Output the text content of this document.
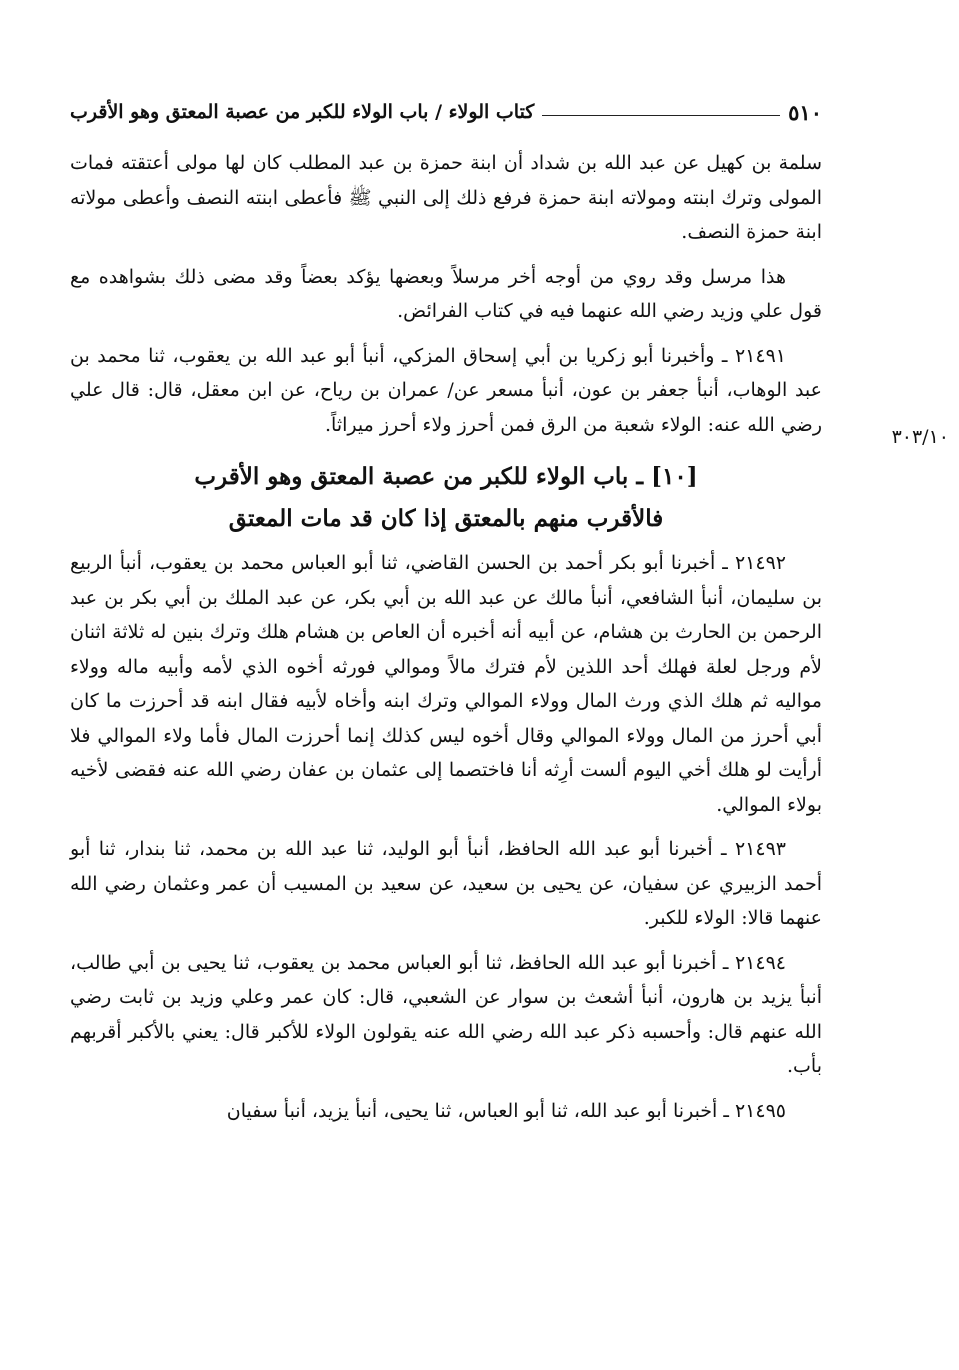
٥١٠
كتاب الولاء / باب الولاء للكبر من عصبة المعتق وهو الأقرب

سلمة بن كهيل عن عبد الله بن شداد أن ابنة حمزة بن عبد المطلب كان لها مولى أعتقته فمات المولى وترك ابنته ومولاته ابنة حمزة فرفع ذلك إلى النبي ﷺ فأعطى ابنته النصف وأعطى مولاته ابنة حمزة النصف.

هذا مرسل وقد روي من أوجه أخر مرسلاً وبعضها يؤكد بعضاً وقد مضى ذلك بشواهده مع قول علي وزيد رضي الله عنهما فيه في كتاب الفرائض.

٢١٤٩١ ـ وأخبرنا أبو زكريا بن أبي إسحاق المزكي، أنبأ أبو عبد الله بن يعقوب، ثنا محمد بن عبد الوهاب، أنبأ جعفر بن عون، أنبأ مسعر عن/ عمران بن رياح، عن ابن معقل، قال: قال علي رضي الله عنه: الولاء شعبة من الرق فمن أحرز ولاء أحرز ميراثاً.

[١٠] ـ باب الولاء للكبر من عصبة المعتق وهو الأقرب
فالأقرب منهم بالمعتق إذا كان قد مات المعتق

٢١٤٩٢ ـ أخبرنا أبو بكر أحمد بن الحسن القاضي، ثنا أبو العباس محمد بن يعقوب، أنبأ الربيع بن سليمان، أنبأ الشافعي، أنبأ مالك عن عبد الله بن أبي بكر، عن عبد الملك بن أبي بكر بن عبد الرحمن بن الحارث بن هشام، عن أبيه أنه أخبره أن العاص بن هشام هلك وترك بنين له ثلاثة اثنان لأم ورجل لعلة فهلك أحد اللذين لأم فترك مالاً وموالي فورثه أخوه الذي لأمه وأبيه ماله وولاء مواليه ثم هلك الذي ورث المال وولاء الموالي وترك ابنه وأخاه لأبيه فقال ابنه قد أحرزت ما كان أبي أحرز من المال وولاء الموالي وقال أخوه ليس كذلك إنما أحرزت المال فأما ولاء الموالي فلا أرأيت لو هلك أخي اليوم ألست أرِثه أنا فاختصما إلى عثمان بن عفان رضي الله عنه فقضى لأخيه بولاء الموالي.

٢١٤٩٣ ـ أخبرنا أبو عبد الله الحافظ، أنبأ أبو الوليد، ثنا عبد الله بن محمد، ثنا بندار، ثنا أبو أحمد الزبيري عن سفيان، عن يحيى بن سعيد، عن سعيد بن المسيب أن عمر وعثمان رضي الله عنهما قالا: الولاء للكبر.

٢١٤٩٤ ـ أخبرنا أبو عبد الله الحافظ، ثنا أبو العباس محمد بن يعقوب، ثنا يحيى بن أبي طالب، أنبأ يزيد بن هارون، أنبأ أشعث بن سوار عن الشعبي، قال: كان عمر وعلي وزيد بن ثابت رضي الله عنهم قال: وأحسبه ذكر عبد الله رضي الله عنه يقولون الولاء للأكبر قال: يعني بالأكبر أقربهم بأب.

٢١٤٩٥ ـ أخبرنا أبو عبد الله، ثنا أبو العباس، ثنا يحيى، أنبأ يزيد، أنبأ سفيان

٣٠٣/١٠
